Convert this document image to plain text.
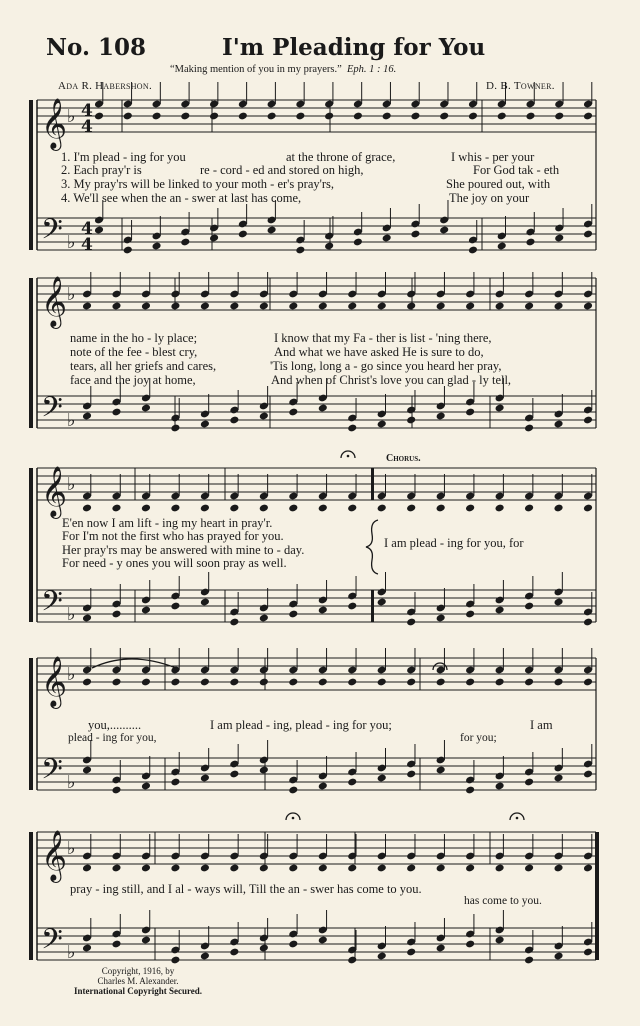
𝄞
𝄢
♭
♭
4
4
4
4
𝄞
𝄢
♭
♭
𝄞
𝄢
♭
♭
𝄞
𝄢
♭
♭
𝄞
𝄢
♭
♭
No. 108	I'm Pleading for You
“Making mention of you in my prayers.” Eph. 1 : 16.
Ada R. Habershon.	D. B. Towner.
1. I'm plead - ing for you	at the throne of grace,	I whis - per your
2. Each pray'r is	re - cord - ed and stored on high,	For God tak - eth
3. My pray'rs will be linked to your moth - er's pray'rs,	She poured out, with
4. We'll see when the an - swer at last has come,	The joy on your
name in the ho - ly place;	I know that my Fa - ther is list - 'ning there,
note of the fee - blest cry,	And what we have asked He is sure to do,
tears, all her griefs and cares,	'Tis long, long a - go since you heard her pray,
face and the joy at home,	And when of Christ's love you can glad - ly tell,
E'en now I am lift - ing my heart in pray'r.
For I'm not the first who has prayed for you.
Her pray'rs may be answered with mine to - day.
For need - y ones you will soon pray as well.
Chorus.
I am plead - ing for you, for
you,..........	I am plead - ing, plead - ing for you;	I am
plead - ing for you,	for you;
pray - ing still, and I al - ways will, Till the an - swer has come to you.
has come to you.
Copyright, 1916, by
Charles M. Alexander.
International Copyright Secured.
